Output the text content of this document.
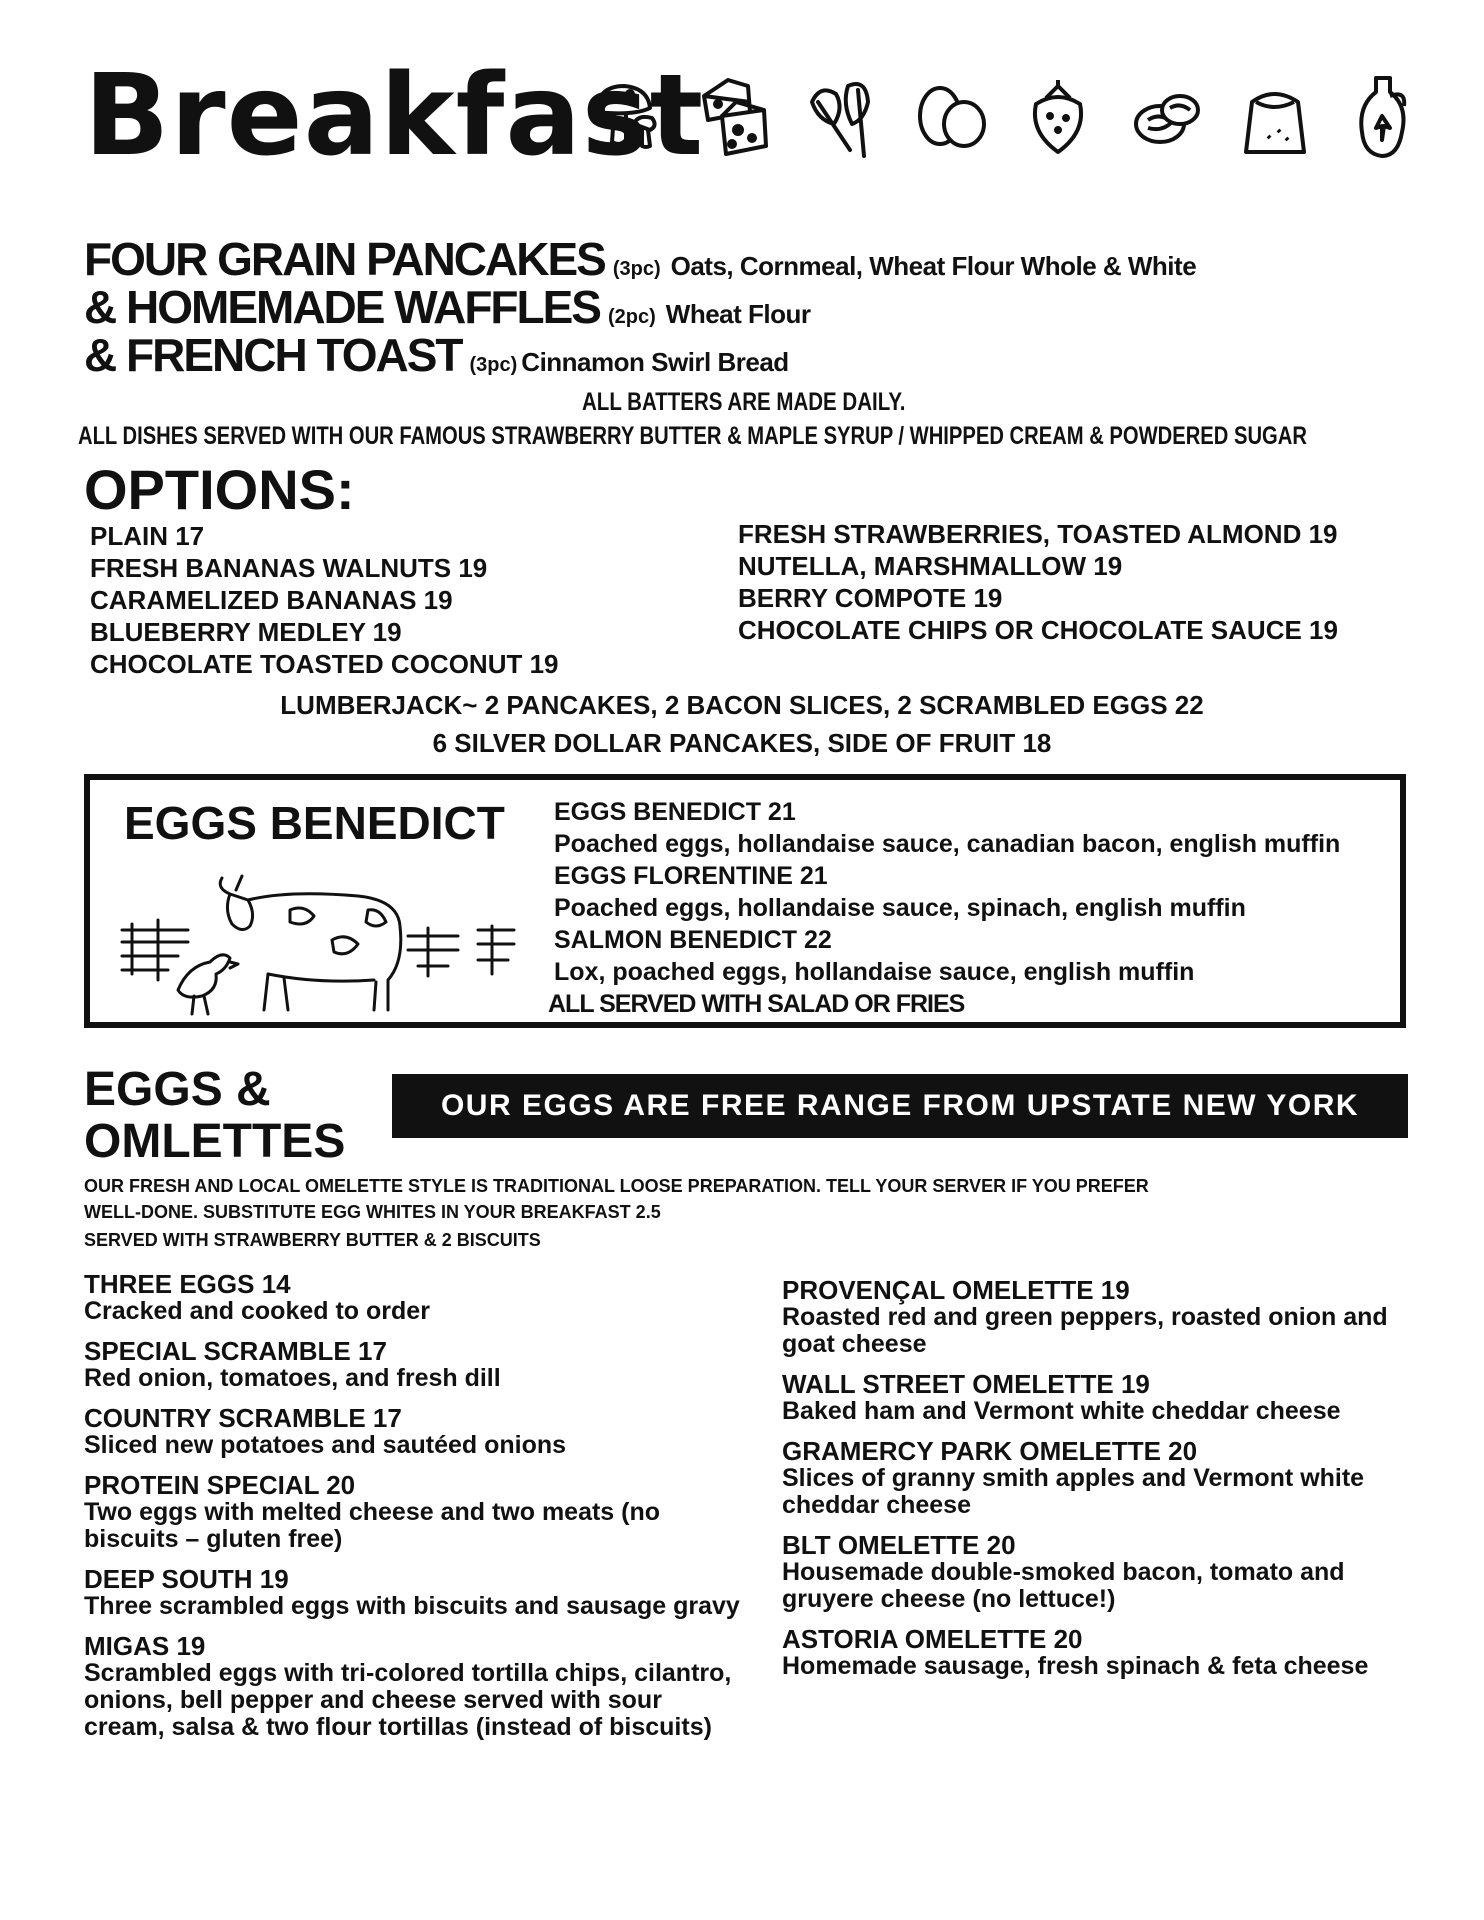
Breakfast
FOUR GRAIN PANCAKES (3pc) Oats, Cornmeal, Wheat Flour Whole & White
& HOMEMADE WAFFLES (2pc) Wheat Flour
& FRENCH TOAST (3pc) Cinnamon Swirl Bread
ALL BATTERS ARE MADE DAILY.
ALL DISHES SERVED WITH OUR FAMOUS STRAWBERRY BUTTER & MAPLE SYRUP / WHIPPED CREAM & POWDERED SUGAR
OPTIONS:
PLAIN 17
FRESH BANANAS WALNUTS 19
CARAMELIZED BANANAS 19
BLUEBERRY MEDLEY 19
CHOCOLATE TOASTED COCONUT 19
FRESH STRAWBERRIES, TOASTED ALMOND 19
NUTELLA, MARSHMALLOW 19
BERRY COMPOTE 19
CHOCOLATE CHIPS OR CHOCOLATE SAUCE 19
LUMBERJACK~ 2 PANCAKES, 2 BACON SLICES, 2 SCRAMBLED EGGS 22
6 SILVER DOLLAR PANCAKES, SIDE OF FRUIT 18
EGGS BENEDICT EGGS BENEDICT 21
Poached eggs, hollandaise sauce, canadian bacon, english muffin
EGGS FLORENTINE 21
Poached eggs, hollandaise sauce, spinach, english muffin
SALMON BENEDICT 22
Lox, poached eggs, hollandaise sauce, english muffin
ALL SERVED WITH SALAD OR FRIES
EGGS &
OMLETTES
OUR EGGS ARE FREE RANGE FROM UPSTATE NEW YORK
OUR FRESH AND LOCAL OMELETTE STYLE IS TRADITIONAL LOOSE PREPARATION. TELL YOUR SERVER IF YOU PREFER
WELL-DONE. SUBSTITUTE EGG WHITES IN YOUR BREAKFAST 2.5
SERVED WITH STRAWBERRY BUTTER & 2 BISCUITS
THREE EGGS 14
Cracked and cooked to order
SPECIAL SCRAMBLE 17
Red onion, tomatoes, and fresh dill
COUNTRY SCRAMBLE 17
Sliced new potatoes and sautéed onions
PROTEIN SPECIAL 20
Two eggs with melted cheese and two meats (no biscuits – gluten free)
DEEP SOUTH 19
Three scrambled eggs with biscuits and sausage gravy
MIGAS 19
Scrambled eggs with tri-colored tortilla chips, cilantro, onions, bell pepper and cheese served with sour cream, salsa & two flour tortillas (instead of biscuits)
PROVENÇAL OMELETTE 19
Roasted red and green peppers, roasted onion and goat cheese
WALL STREET OMELETTE 19
Baked ham and Vermont white cheddar cheese
GRAMERCY PARK OMELETTE 20
Slices of granny smith apples and Vermont white cheddar cheese
BLT OMELETTE 20
Housemade double-smoked bacon, tomato and gruyere cheese (no lettuce!)
ASTORIA OMELETTE 20
Homemade sausage, fresh spinach & feta cheese
